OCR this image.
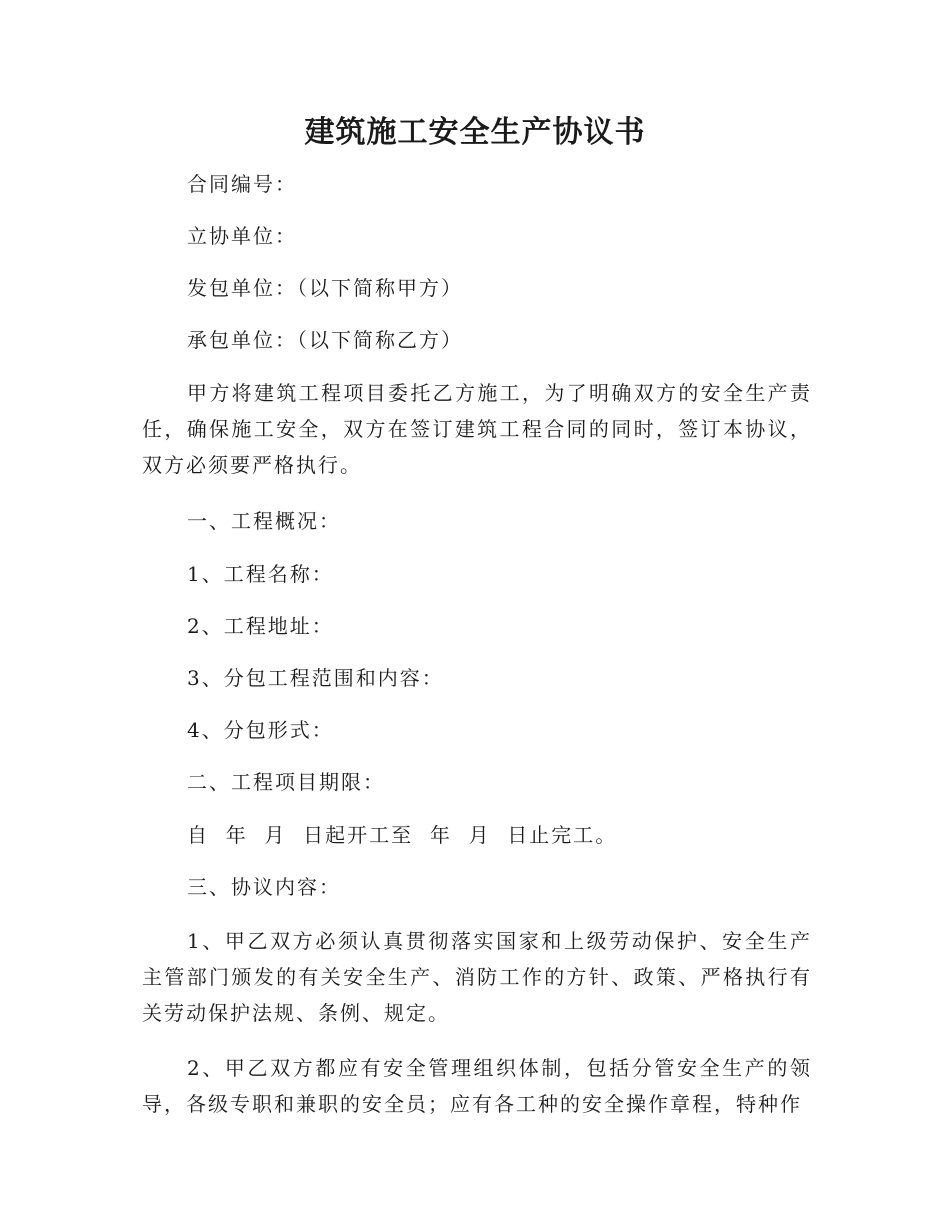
建筑施工安全生产协议书
合同编号：
立协单位：
发包单位：（以下简称甲方）
承包单位：（以下简称乙方）
甲方将建筑工程项目委托乙方施工，为了明确双方的安全生产责任，确保施工安全，双方在签订建筑工程合同的同时，签订本协议，双方必须要严格执行。
一、工程概况：
1、工程名称：
2、工程地址：
3、分包工程范围和内容：
4、分包形式：
二、工程项目期限：
自  年  月  日起开工至  年  月  日止完工。
三、协议内容：
1、甲乙双方必须认真贯彻落实国家和上级劳动保护、安全生产主管部门颁发的有关安全生产、消防工作的方针、政策、严格执行有关劳动保护法规、条例、规定。
2、甲乙双方都应有安全管理组织体制，包括分管安全生产的领导，各级专职和兼职的安全员；应有各工种的安全操作章程，特种作
